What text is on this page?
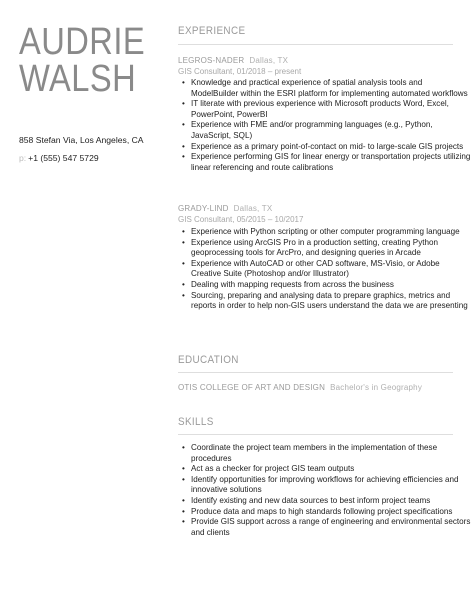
AUDRIE
WALSH
858 Stefan Via, Los Angeles, CA
p: +1 (555) 547 5729
EXPERIENCE
LEGROS-NADER Dallas, TX
GIS Consultant, 01/2018 – present
• Knowledge and practical experience of spatial analysis tools and ModelBuilder within the ESRI platform for implementing automated workflows
• IT literate with previous experience with Microsoft products Word, Excel, PowerPoint, PowerBI
• Experience with FME and/or programming languages (e.g., Python, JavaScript, SQL)
• Experience as a primary point-of-contact on mid- to large-scale GIS projects
• Experience performing GIS for linear energy or transportation projects utilizing linear referencing and route calibrations
GRADY-LIND Dallas, TX
GIS Consultant, 05/2015 – 10/2017
• Experience with Python scripting or other computer programming language
• Experience using ArcGIS Pro in a production setting, creating Python geoprocessing tools for ArcPro, and designing queries in Arcade
• Experience with AutoCAD or other CAD software, MS-Visio, or Adobe Creative Suite (Photoshop and/or Illustrator)
• Dealing with mapping requests from across the business
• Sourcing, preparing and analysing data to prepare graphics, metrics and reports in order to help non-GIS users understand the data we are presenting
EDUCATION
OTIS COLLEGE OF ART AND DESIGN Bachelor's in Geography
SKILLS
• Coordinate the project team members in the implementation of these procedures
• Act as a checker for project GIS team outputs
• Identify opportunities for improving workflows for achieving efficiencies and innovative solutions
• Identify existing and new data sources to best inform project teams
• Produce data and maps to high standards following project specifications
• Provide GIS support across a range of engineering and environmental sectors and clients
